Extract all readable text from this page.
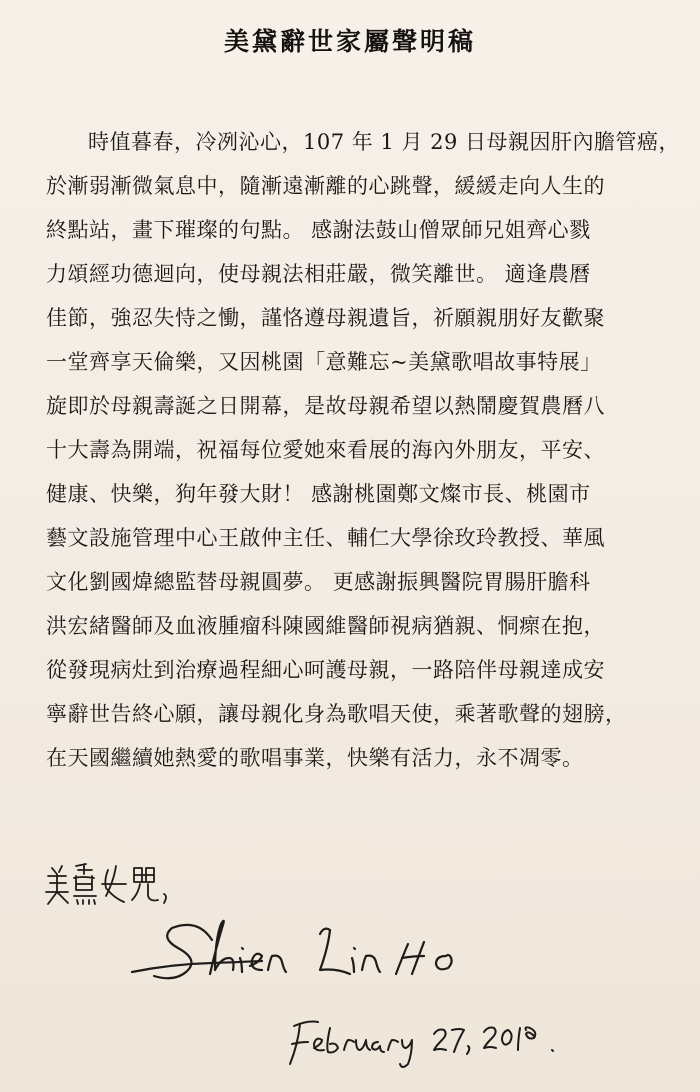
美黛辭世家屬聲明稿
時值暮春，冷冽沁心，107 年 1 月 29 日母親因肝內膽管癌，
於漸弱漸微氣息中，隨漸遠漸離的心跳聲，緩緩走向人生的
終點站，畫下璀璨的句點。 感謝法鼓山僧眾師兄姐齊心戮
力頌經功德迴向，使母親法相莊嚴，微笑離世。 適逢農曆
佳節，強忍失恃之慟，謹恪遵母親遺旨，祈願親朋好友歡聚
一堂齊享天倫樂，又因桃園「意難忘~美黛歌唱故事特展」
旋即於母親壽誕之日開幕，是故母親希望以熱鬧慶賀農曆八
十大壽為開端，祝福每位愛她來看展的海內外朋友，平安、
健康、快樂，狗年發大財！ 感謝桃園鄭文燦市長、桃園市
藝文設施管理中心王啟仲主任、輔仁大學徐玫玲教授、華風
文化劉國煒總監替母親圓夢。 更感謝振興醫院胃腸肝膽科
洪宏緒醫師及血液腫瘤科陳國維醫師視病猶親、恫瘝在抱，
從發現病灶到治療過程細心呵護母親，一路陪伴母親達成安
寧辭世告終心願，讓母親化身為歌唱天使，乘著歌聲的翅膀，
在天國繼續她熱愛的歌唱事業，快樂有活力，永不凋零。
